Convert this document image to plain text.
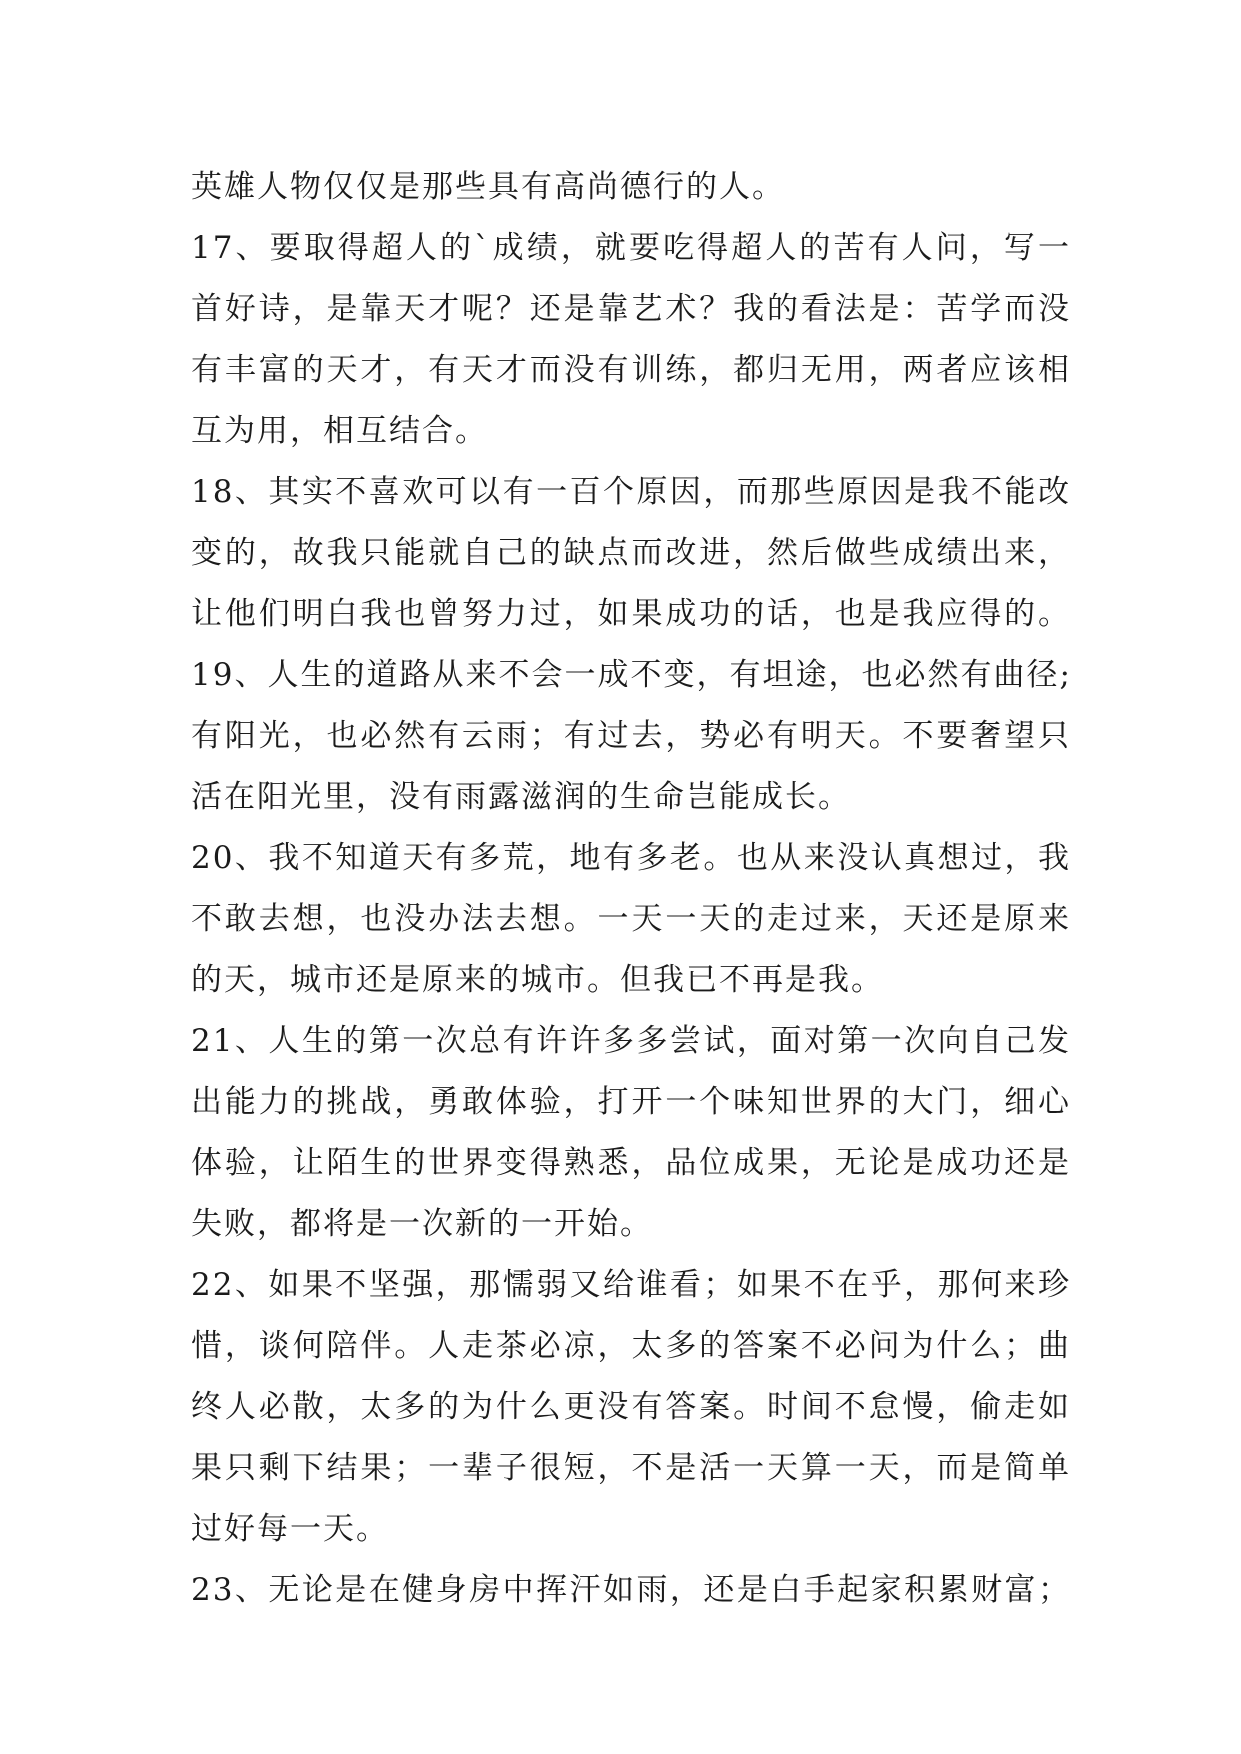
英雄人物仅仅是那些具有高尚德行的人。
17、要取得超人的`成绩，就要吃得超人的苦有人问，写一
首好诗，是靠天才呢？还是靠艺术？我的看法是：苦学而没
有丰富的天才，有天才而没有训练，都归无用，两者应该相
互为用，相互结合。
18、其实不喜欢可以有一百个原因，而那些原因是我不能改
变的，故我只能就自己的缺点而改进，然后做些成绩出来，
让他们明白我也曾努力过，如果成功的话，也是我应得的。
19、人生的道路从来不会一成不变，有坦途，也必然有曲径;
有阳光，也必然有云雨；有过去，势必有明天。不要奢望只
活在阳光里，没有雨露滋润的生命岂能成长。
20、我不知道天有多荒，地有多老。也从来没认真想过，我
不敢去想，也没办法去想。一天一天的走过来，天还是原来
的天，城市还是原来的城市。但我已不再是我。
21、人生的第一次总有许许多多尝试，面对第一次向自己发
出能力的挑战，勇敢体验，打开一个味知世界的大门，细心
体验，让陌生的世界变得熟悉，品位成果，无论是成功还是
失败，都将是一次新的一开始。
22、如果不坚强，那懦弱又给谁看；如果不在乎，那何来珍
惜，谈何陪伴。人走茶必凉，太多的答案不必问为什么；曲
终人必散，太多的为什么更没有答案。时间不怠慢，偷走如
果只剩下结果；一辈子很短，不是活一天算一天，而是简单
过好每一天。
23、无论是在健身房中挥汗如雨，还是白手起家积累财富；
